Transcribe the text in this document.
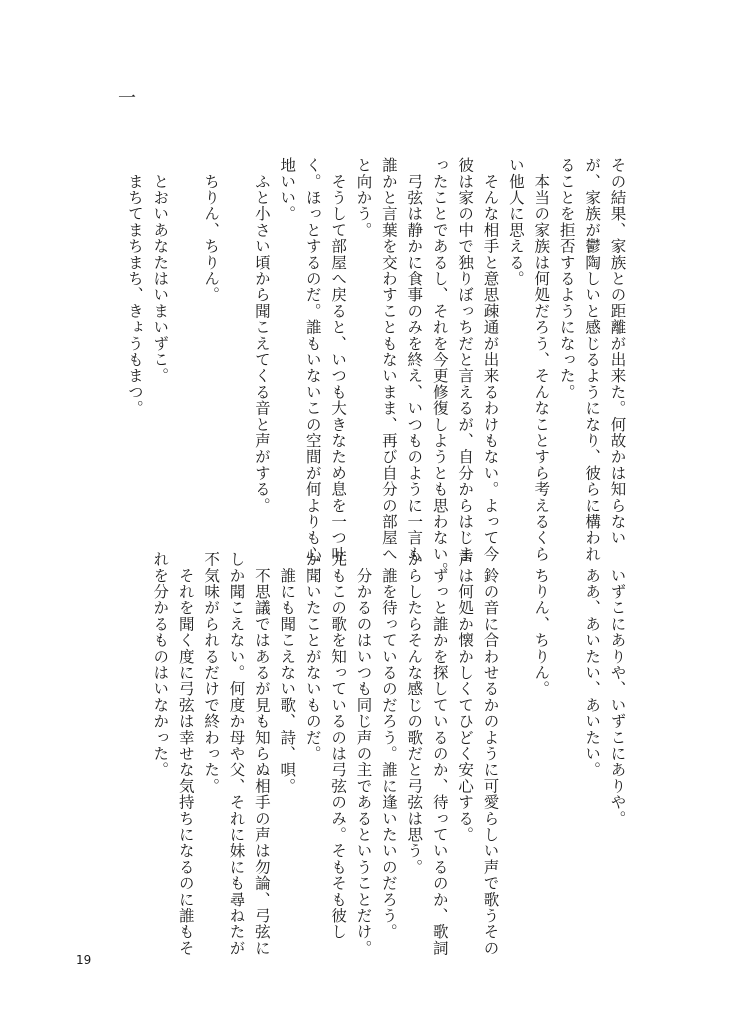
一
その結果、家族との距離が出来た。何故かは知らない
が、家族が鬱陶しいと感じるようになり、彼らに構われ
ることを拒否するようになった。
　本当の家族は何処だろう、そんなことすら考えるくら
い他人に思える。
　そんな相手と意思疎通が出来るわけもない。よって今
彼は家の中で独りぼっちだと言えるが、自分からはじま
ったことであるし、それを今更修復しようとも思わない。
　弓弦は静かに食事のみを終え、いつものように一言も
誰かと言葉を交わすこともないまま、再び自分の部屋へ
と向かう。
　そうして部屋へ戻ると、いつも大きなため息を一つ吐
く。ほっとするのだ。誰もいないこの空間が何よりも心
地いい。
　ふと小さい頃から聞こえてくる音と声がする。
　ちりん、ちりん。
　とおいあなたはいまいずこ。
　まちてまちまち、きょうもまつ。
　いずこにありや、いずこにありや。
　ああ、あいたい、あいたい。
　ちりん、ちりん。
　鈴の音に合わせるかのように可愛らしい声で歌うその
声は何処か懐かしくてひどく安心する。
　ずっと誰かを探しているのか、待っているのか、歌詞
からしたらそんな感じの歌だと弓弦は思う。
　誰を待っているのだろう。誰に逢いたいのだろう。
　分かるのはいつも同じ声の主であるということだけ。
尤もこの歌を知っているのは弓弦のみ。そもそも彼し
か聞いたことがないものだ。
　誰にも聞こえない歌、詩、唄。
　不思議ではあるが見も知らぬ相手の声は勿論、弓弦に
しか聞こえない。何度か母や父、それに妹にも尋ねたが
不気味がられるだけで終わった。
　それを聞く度に弓弦は幸せな気持ちになるのに誰もそ
れを分かるものはいなかった。
19
